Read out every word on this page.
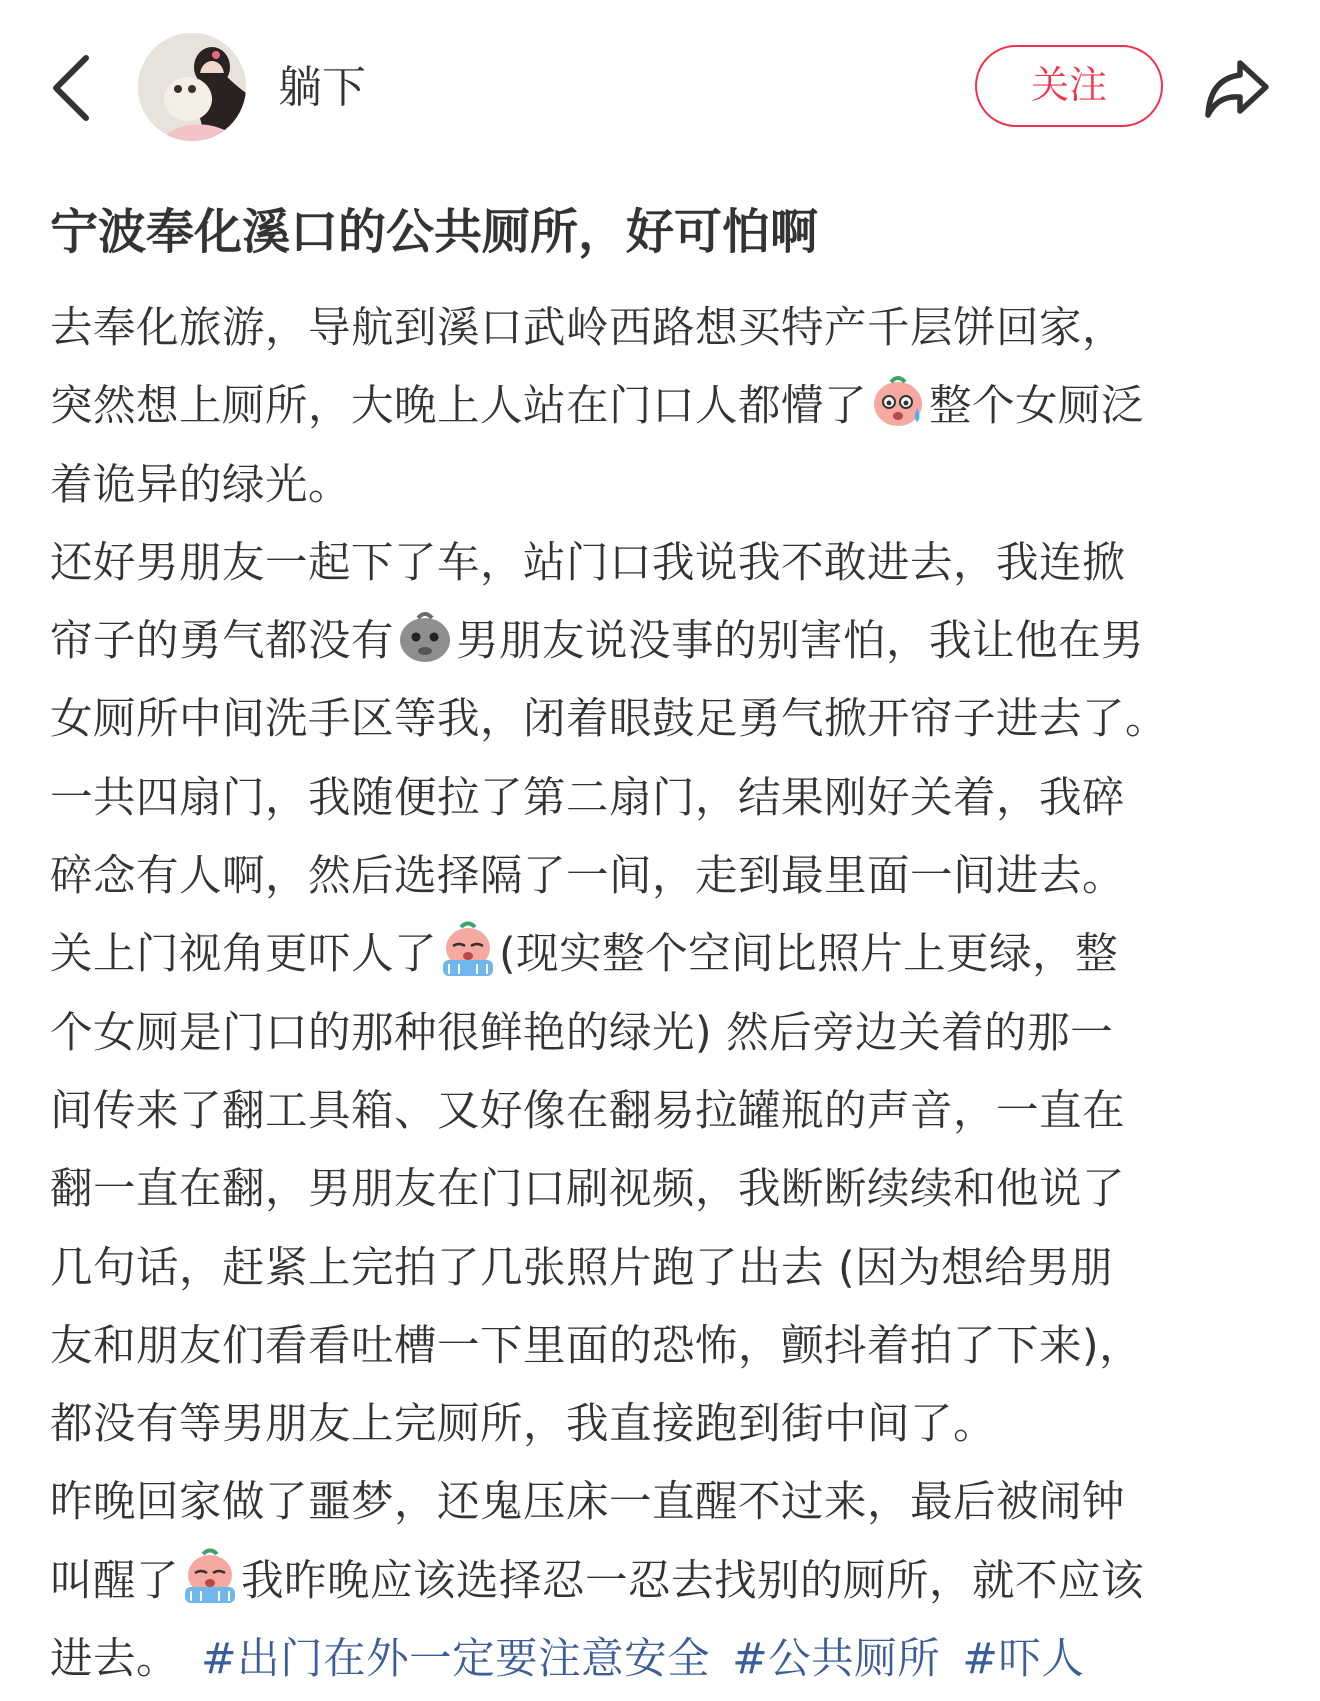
躺下	关注
宁波奉化溪口的公共厕所，好可怕啊
去奉化旅游，导航到溪口武岭西路想买特产千层饼回家，
突然想上厕所，大晚上人站在门口人都懵了 整个女厕泛
着诡异的绿光。
还好男朋友一起下了车，站门口我说我不敢进去，我连掀
帘子的勇气都没有 男朋友说没事的别害怕，我让他在男
女厕所中间洗手区等我，闭着眼鼓足勇气掀开帘子进去了。
一共四扇门，我随便拉了第二扇门，结果刚好关着，我碎
碎念有人啊，然后选择隔了一间，走到最里面一间进去。
关上门视角更吓人了 (现实整个空间比照片上更绿，整
个女厕是门口的那种很鲜艳的绿光) 然后旁边关着的那一
间传来了翻工具箱、又好像在翻易拉罐瓶的声音，一直在
翻一直在翻，男朋友在门口刷视频，我断断续续和他说了
几句话，赶紧上完拍了几张照片跑了出去 (因为想给男朋
友和朋友们看看吐槽一下里面的恐怖，颤抖着拍了下来)，
都没有等男朋友上完厕所，我直接跑到街中间了。
昨晚回家做了噩梦，还鬼压床一直醒不过来，最后被闹钟
叫醒了 我昨晚应该选择忍一忍去找别的厕所，就不应该
进去。 #出门在外一定要注意安全 #公共厕所 #吓人
